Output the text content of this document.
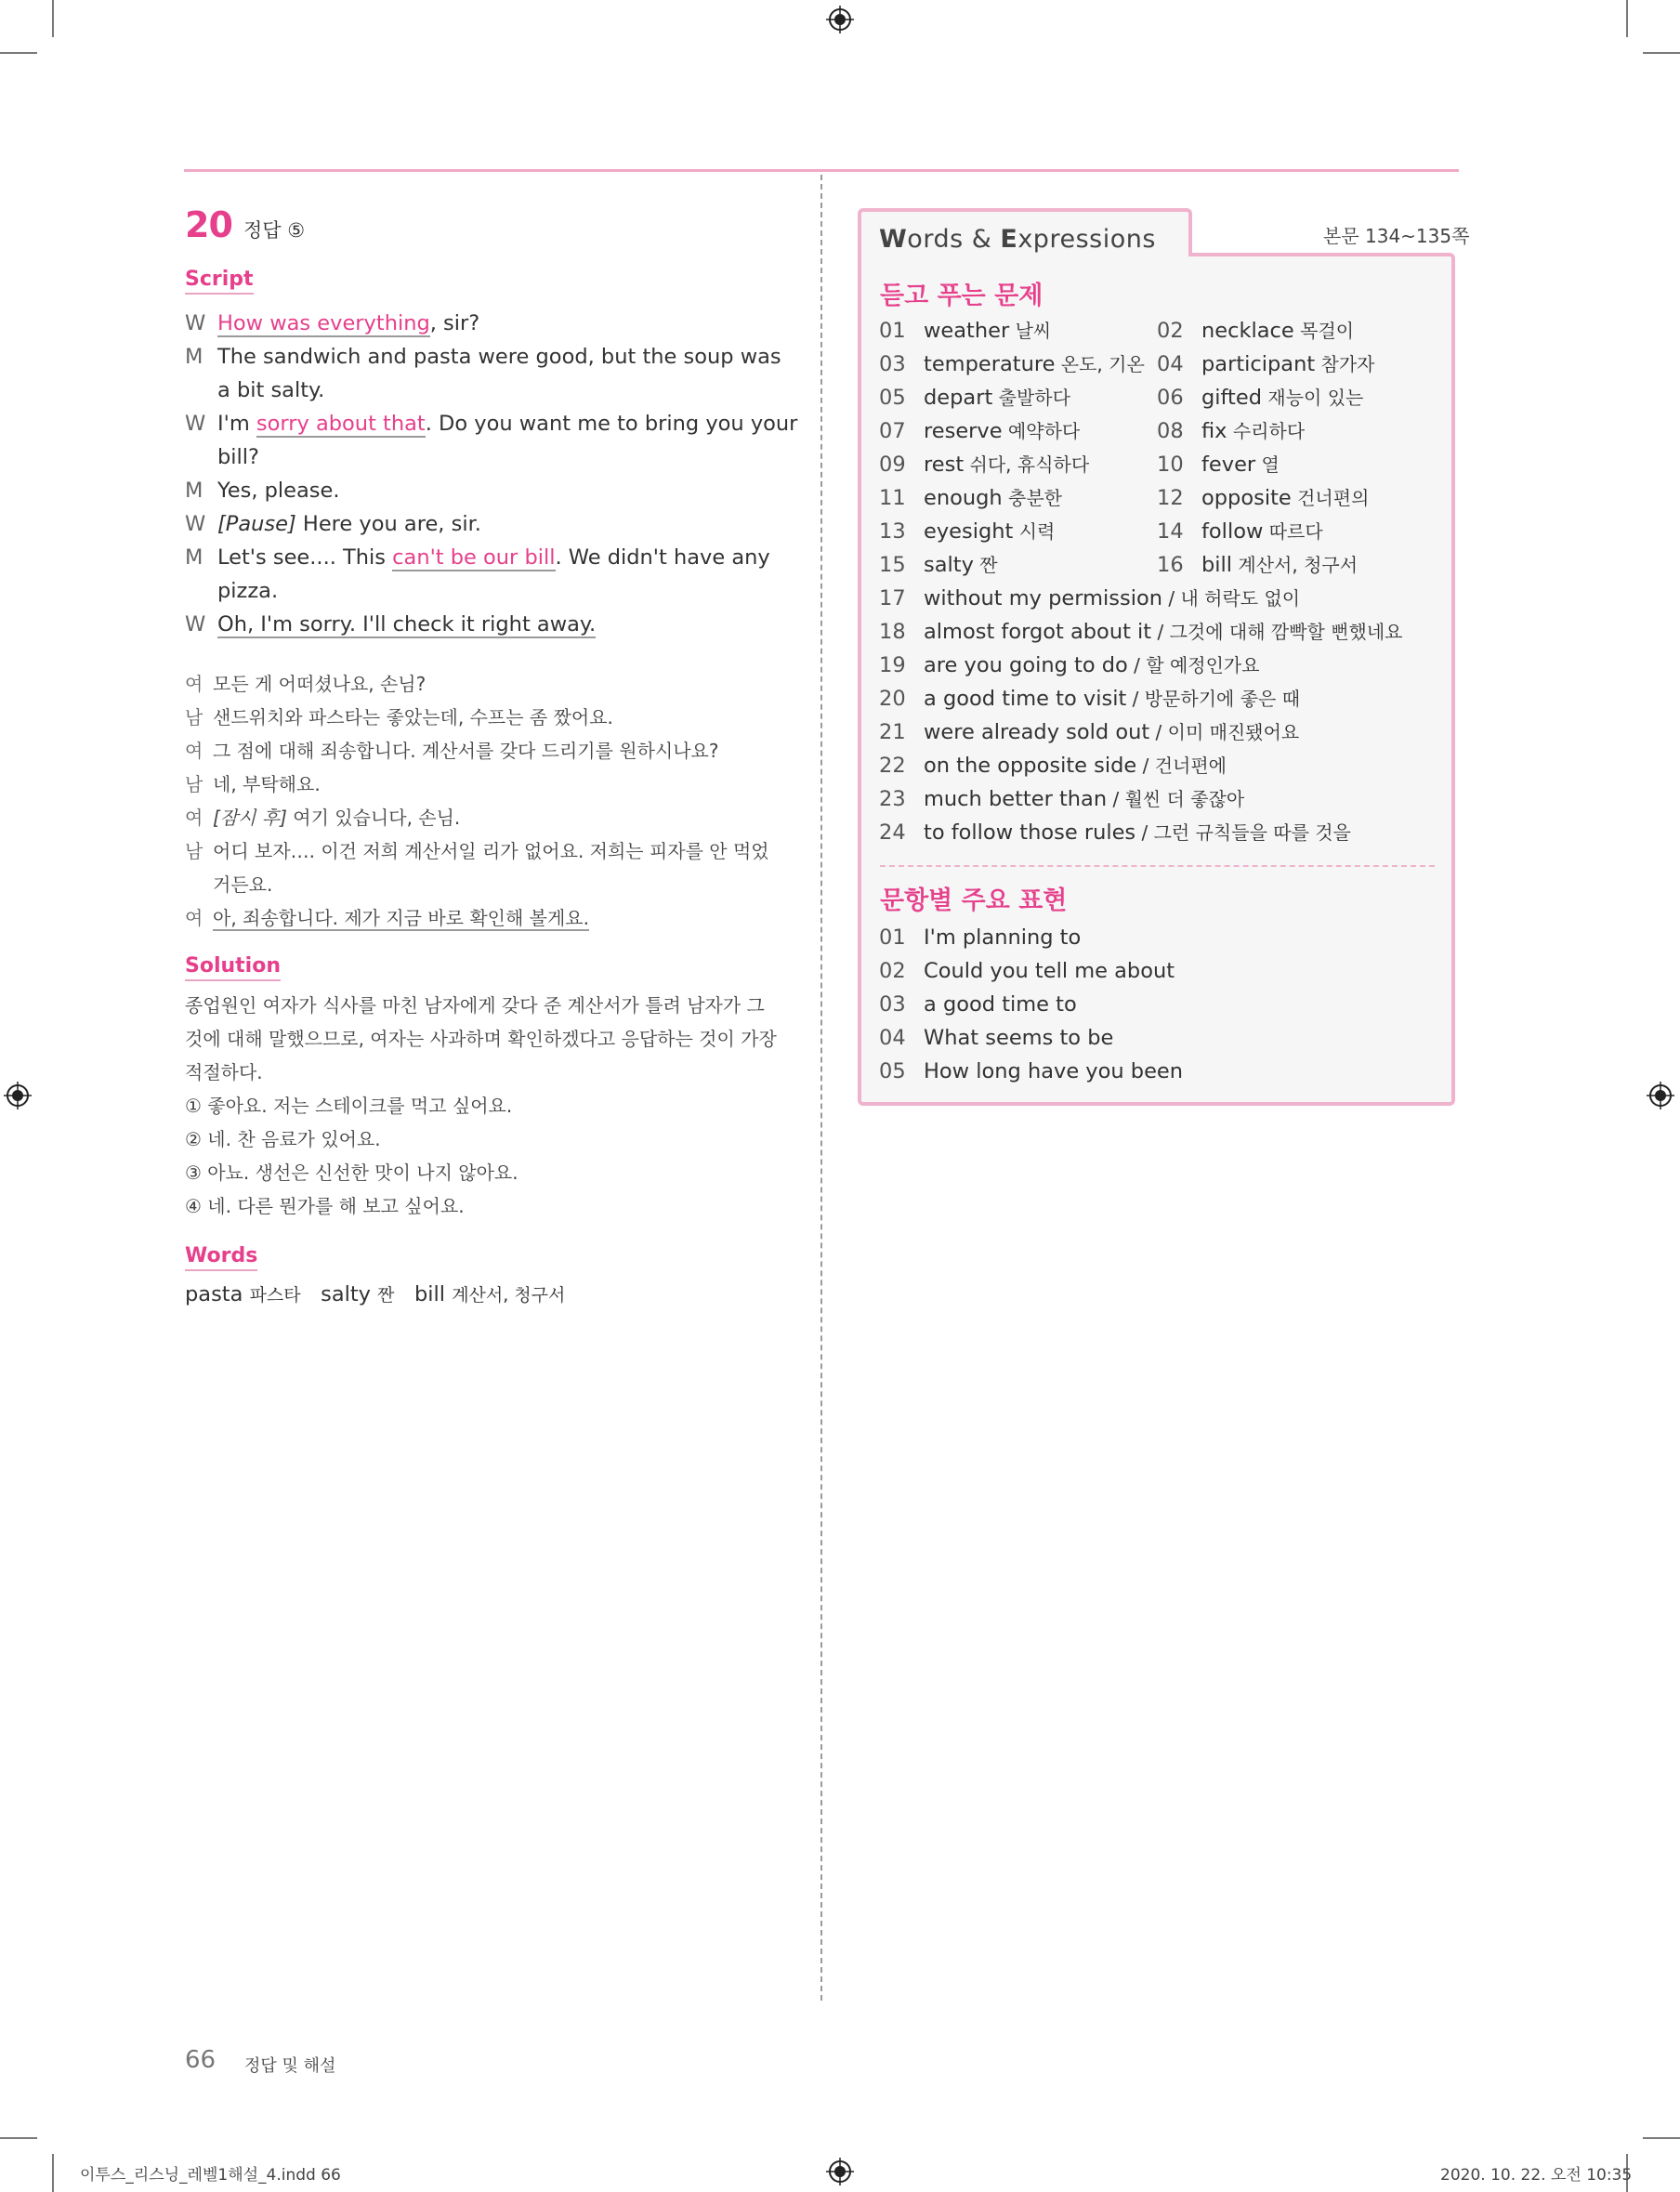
20 정답 ⑤
Script
W How was everything, sir?
M The sandwich and pasta were good, but the soup was
a bit salty.
W I'm sorry about that. Do you want me to bring you your
bill?
M Yes, please.
W [Pause] Here you are, sir.
M Let's see.... This can't be our bill. We didn't have any
pizza.
W Oh, I'm sorry. I'll check it right away.
여 모든 게 어떠셨나요, 손님?
남 샌드위치와 파스타는 좋았는데, 수프는 좀 짰어요.
여 그 점에 대해 죄송합니다. 계산서를 갖다 드리기를 원하시나요?
남 네, 부탁해요.
여 [잠시 후] 여기 있습니다, 손님.
남 어디 보자…. 이건 저희 계산서일 리가 없어요. 저희는 피자를 안 먹었
거든요.
여 아, 죄송합니다. 제가 지금 바로 확인해 볼게요.
Solution
종업원인 여자가 식사를 마친 남자에게 갖다 준 계산서가 틀려 남자가 그
것에 대해 말했으므로, 여자는 사과하며 확인하겠다고 응답하는 것이 가장
적절하다.
① 좋아요. 저는 스테이크를 먹고 싶어요.
② 네. 찬 음료가 있어요.
③ 아뇨. 생선은 신선한 맛이 나지 않아요.
④ 네. 다른 뭔가를 해 보고 싶어요.
Words
pasta 파스타 salty 짠 bill 계산서, 청구서
Words & Expressions	본문 134~135쪽
듣고 푸는 문제
01 weather 날씨	02 necklace 목걸이
03 temperature 온도, 기온 04 participant 참가자
05 depart 출발하다	06 gifted 재능이 있는
07 reserve 예약하다	08 fix 수리하다
09 rest 쉬다, 휴식하다	10 fever 열
11 enough 충분한	12 opposite 건너편의
13 eyesight 시력	14 follow 따르다
15 salty 짠	16 bill 계산서, 청구서
17 without my permission / 내 허락도 없이
18 almost forgot about it / 그것에 대해 깜빡할 뻔했네요
19 are you going to do / 할 예정인가요
20 a good time to visit / 방문하기에 좋은 때
21 were already sold out / 이미 매진됐어요
22 on the opposite side / 건너편에
23 much better than / 훨씬 더 좋잖아
24 to follow those rules / 그런 규칙들을 따를 것을
문항별 주요 표현
01 I'm planning to
02 Could you tell me about
03 a good time to
04 What seems to be
05 How long have you been
66 정답 및 해설
이투스_리스닝_레벨1해설_4.indd 66	2020. 10. 22. 오전 10:35
